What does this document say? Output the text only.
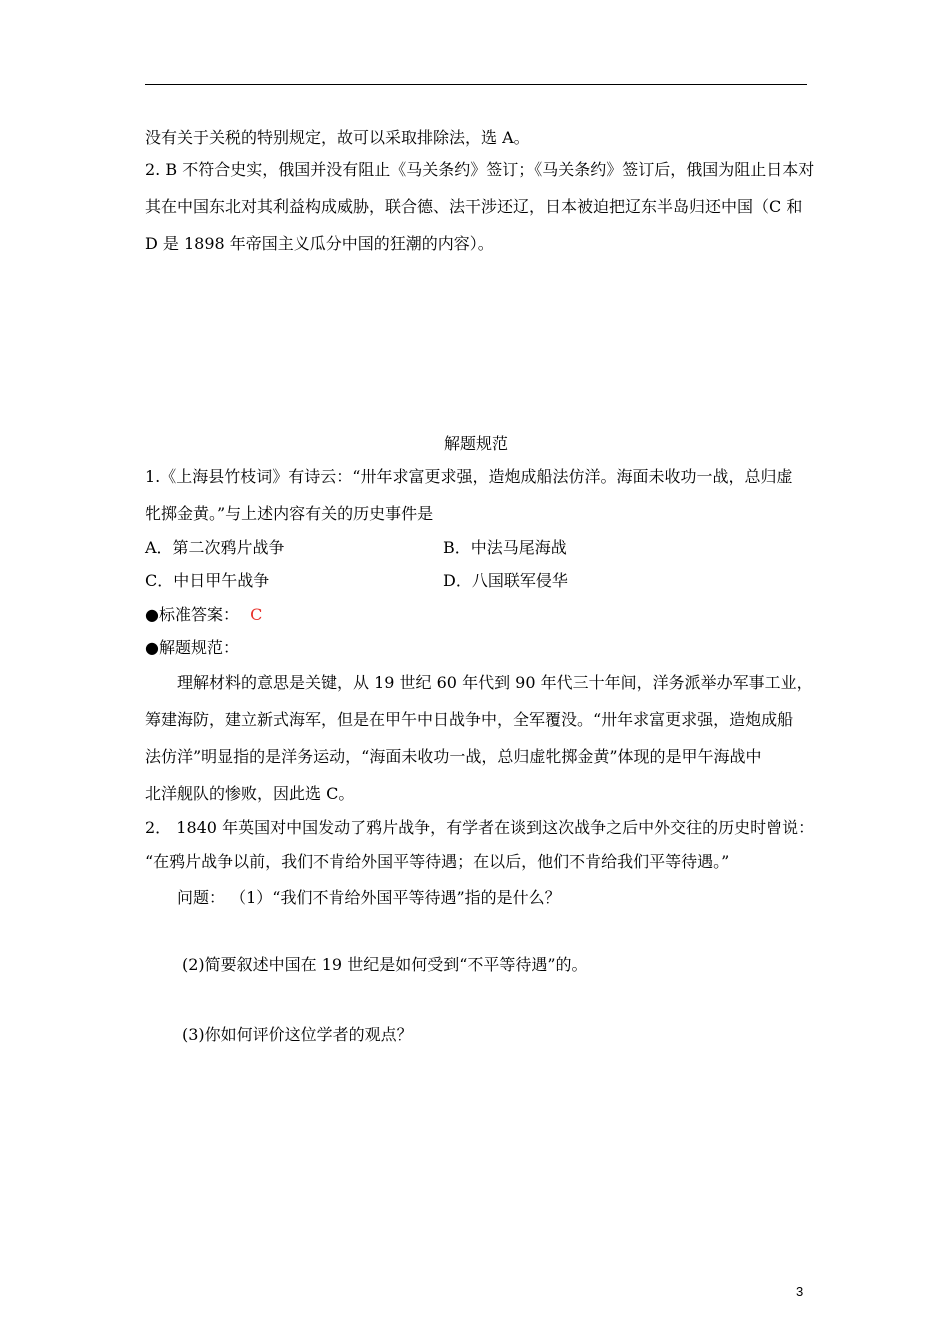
没有关于关税的特别规定，故可以采取排除法，选 A。
2. B 不符合史实，俄国并没有阻止《马关条约》签订；《马关条约》签订后，俄国为阻止日本对
其在中国东北对其利益构成威胁，联合德、法干涉还辽，日本被迫把辽东半岛归还中国（C 和
D 是 1898 年帝国主义瓜分中国的狂潮的内容）。
解题规范
1.《上海县竹枝词》有诗云：“卅年求富更求强，造炮成船法仿洋。海面未收功一战，总归虚
牝掷金黄。”与上述内容有关的历史事件是
A．第二次鸦片战争	B．中法马尾海战
C．中日甲午战争	D．八国联军侵华
●标准答案： C
●解题规范：
理解材料的意思是关键，从 19 世纪 60 年代到 90 年代三十年间，洋务派举办军事工业，
筹建海防，建立新式海军，但是在甲午中日战争中，全军覆没。“卅年求富更求强，造炮成船
法仿洋”明显指的是洋务运动，“海面未收功一战，总归虚牝掷金黄”体现的是甲午海战中
北洋舰队的惨败，因此选 C。
2． 1840 年英国对中国发动了鸦片战争，有学者在谈到这次战争之后中外交往的历史时曾说：
“在鸦片战争以前，我们不肯给外国平等待遇；在以后，他们不肯给我们平等待遇。”
问题： （1）“我们不肯给外国平等待遇”指的是什么？
(2)简要叙述中国在 19 世纪是如何受到“不平等待遇”的。
(3)你如何评价这位学者的观点？
3
